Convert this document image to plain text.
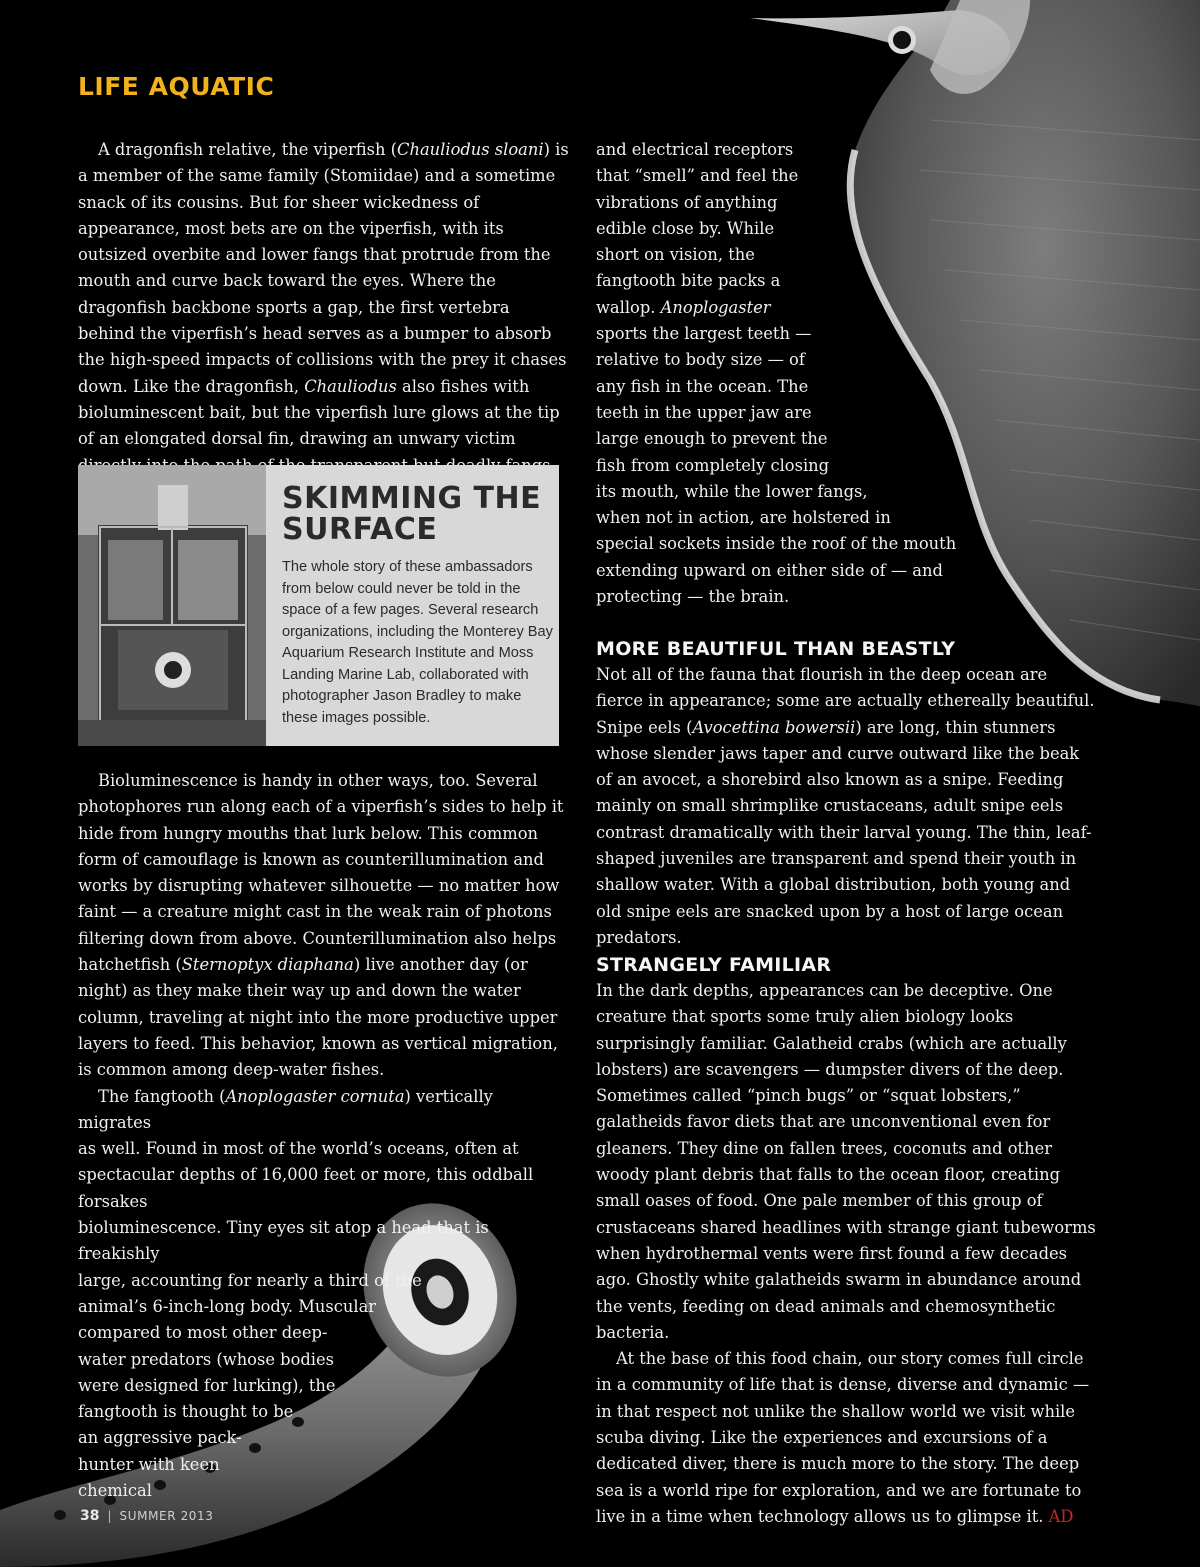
LIFE AQUATIC

A dragonfish relative, the viperfish (Chauliodus sloani) is a member of the same family (Stomiidae) and a sometime snack of its cousins. But for sheer wickedness of appearance, most bets are on the viperfish, with its outsized overbite and lower fangs that protrude from the mouth and curve back toward the eyes. Where the dragonfish backbone sports a gap, the first vertebra behind the viperfish’s head serves as a bumper to absorb the high-speed impacts of collisions with the prey it chases down. Like the dragonfish, Chauliodus also fishes with bioluminescent bait, but the viperfish lure glows at the tip of an elongated dorsal fin, drawing an unwary victim

SKIMMING THE SURFACE
The whole story of these ambassadors from below could never be told in the space of a few pages. Several research organizations, including the Monterey Bay Aquarium Research Institute and Moss Landing Marine Lab, collaborated with photographer Jason Bradley to make these images possible.

Bioluminescence is handy in other ways, too. Several photophores run along each of a viperfish’s sides to help it hide from hungry mouths that lurk below. This common form of camouflage is known as counterillumination and works by disrupting whatever silhouette — no matter how faint — a creature might cast in the weak rain of photons filtering down from above. Counterillumination also helps hatchetfish (Sternoptyx diaphana) live another day (or night) as they make their way up and down the water column, traveling at night into the more productive upper layers to feed. This behavior, known as vertical migration, is common among deep-water fishes.

The fangtooth (Anoplogaster cornuta) vertically migrates
as well. Found in most of the world’s oceans, often at
spectacular depths of 16,000 feet or more, this oddball forsakes
bioluminescence. Tiny eyes sit atop a head that is freakishly
large, accounting for nearly a third of the
animal’s 6-inch-long body. Muscular
compared to most other deep-
water predators (whose bodies
were designed for lurking), the
fangtooth is thought to be
an aggressive pack-
hunter with keen
chemical

and electrical receptors
that “smell” and feel the
vibrations of anything
edible close by. While
short on vision, the
fangtooth bite packs a
wallop. Anoplogaster
sports the largest teeth —
relative to body size — of
any fish in the ocean. The
teeth in the upper jaw are
large enough to prevent the
fish from completely closing
its mouth, while the lower fangs,
when not in action, are holstered in
special sockets inside the roof of the mouth
extending upward on either side of — and
protecting — the brain.

MORE BEAUTIFUL THAN BEASTLY

Not all of the fauna that flourish in the deep ocean are fierce in appearance; some are actually ethereally beautiful. Snipe eels (Avocettina bowersii) are long, thin stunners whose slender jaws taper and curve outward like the beak of an avocet, a shorebird also known as a snipe. Feeding mainly on small shrimplike crustaceans, adult snipe eels contrast dramatically with their larval young. The thin, leaf-shaped juveniles are transparent and spend their youth in shallow water. With a global distribution, both young and old snipe eels are snacked upon by a host of large ocean predators.

STRANGELY FAMILIAR

In the dark depths, appearances can be deceptive. One creature that sports some truly alien biology looks surprisingly familiar. Galatheid crabs (which are actually lobsters) are scavengers — dumpster divers of the deep. Sometimes called “pinch bugs” or “squat lobsters,” galatheids favor diets that are unconventional even for gleaners. They dine on fallen trees, coconuts and other woody plant debris that falls to the ocean floor, creating small oases of food. One pale member of this group of crustaceans shared headlines with strange giant tubeworms when hydrothermal vents were first found a few decades ago. Ghostly white galatheids swarm in abundance around the vents, feeding on dead animals and chemosynthetic bacteria.

At the base of this food chain, our story comes full circle in a community of life that is dense, diverse and dynamic — in that respect not unlike the shallow world we visit while scuba diving. Like the experiences and excursions of a dedicated diver, there is much more to the story. The deep sea is a world ripe for exploration, and we are fortunate to live in a time when technology allows us to glimpse it. AD

38 | SUMMER 2013
